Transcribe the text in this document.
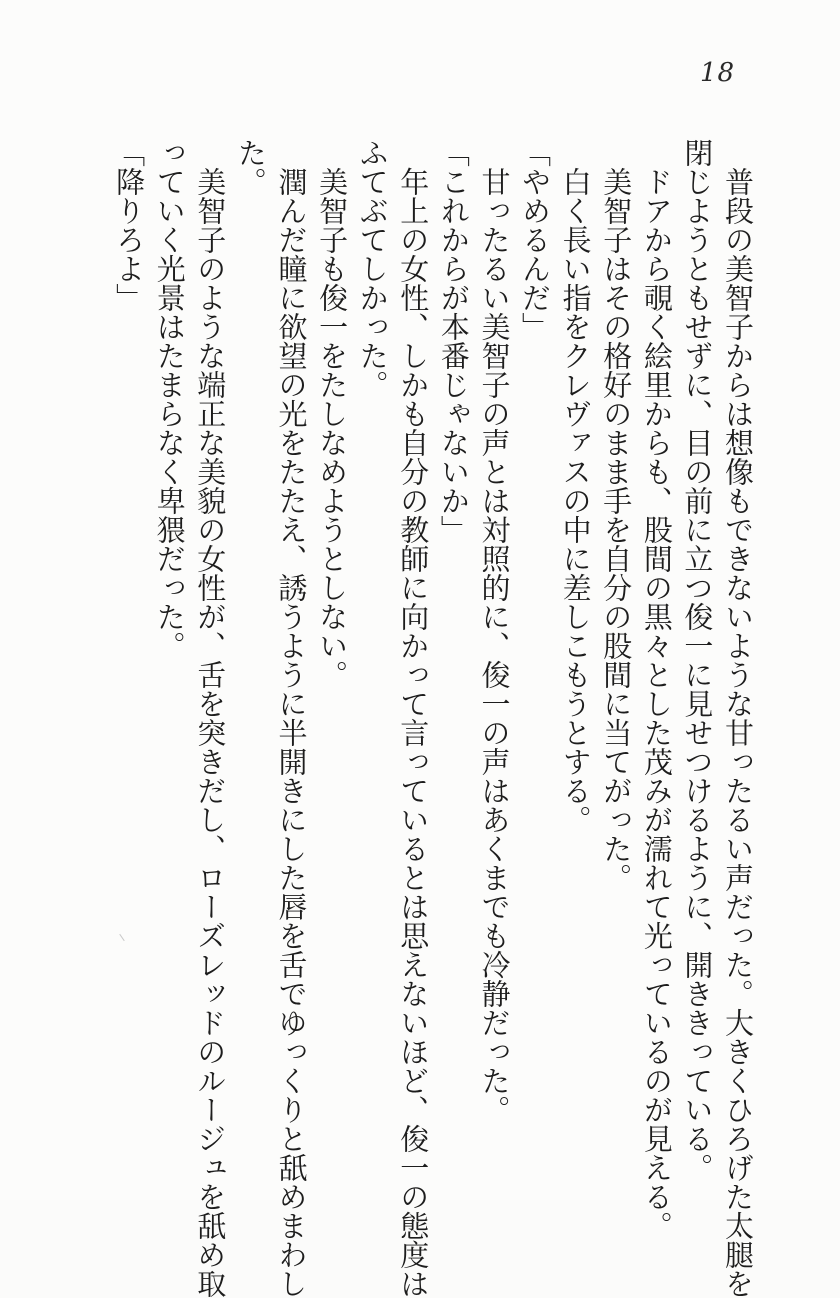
18
　普段の美智子からは想像もできないような甘ったるい声だった。大きくひろげた太腿を
閉じようともせずに、目の前に立つ俊一に見せつけるように、開ききっている。
　ドアから覗く絵里からも、股間の黒々とした茂みが濡れて光っているのが見える。
　美智子はその格好のまま手を自分の股間に当てがった。
　白く長い指をクレヴァスの中に差しこもうとする。
「やめるんだ」
　甘ったるい美智子の声とは対照的に、俊一の声はあくまでも冷静だった。
「これからが本番じゃないか」
　年上の女性、しかも自分の教師に向かって言っているとは思えないほど、俊一の態度は
ふてぶてしかった。
　美智子も俊一をたしなめようとしない。
　潤んだ瞳に欲望の光をたたえ、誘うように半開きにした唇を舌でゆっくりと舐めまわし
た。
　美智子のような端正な美貌の女性が、舌を突きだし、ローズレッドのルージュを舐め取
っていく光景はたまらなく卑猥だった。
「降りろよ」
